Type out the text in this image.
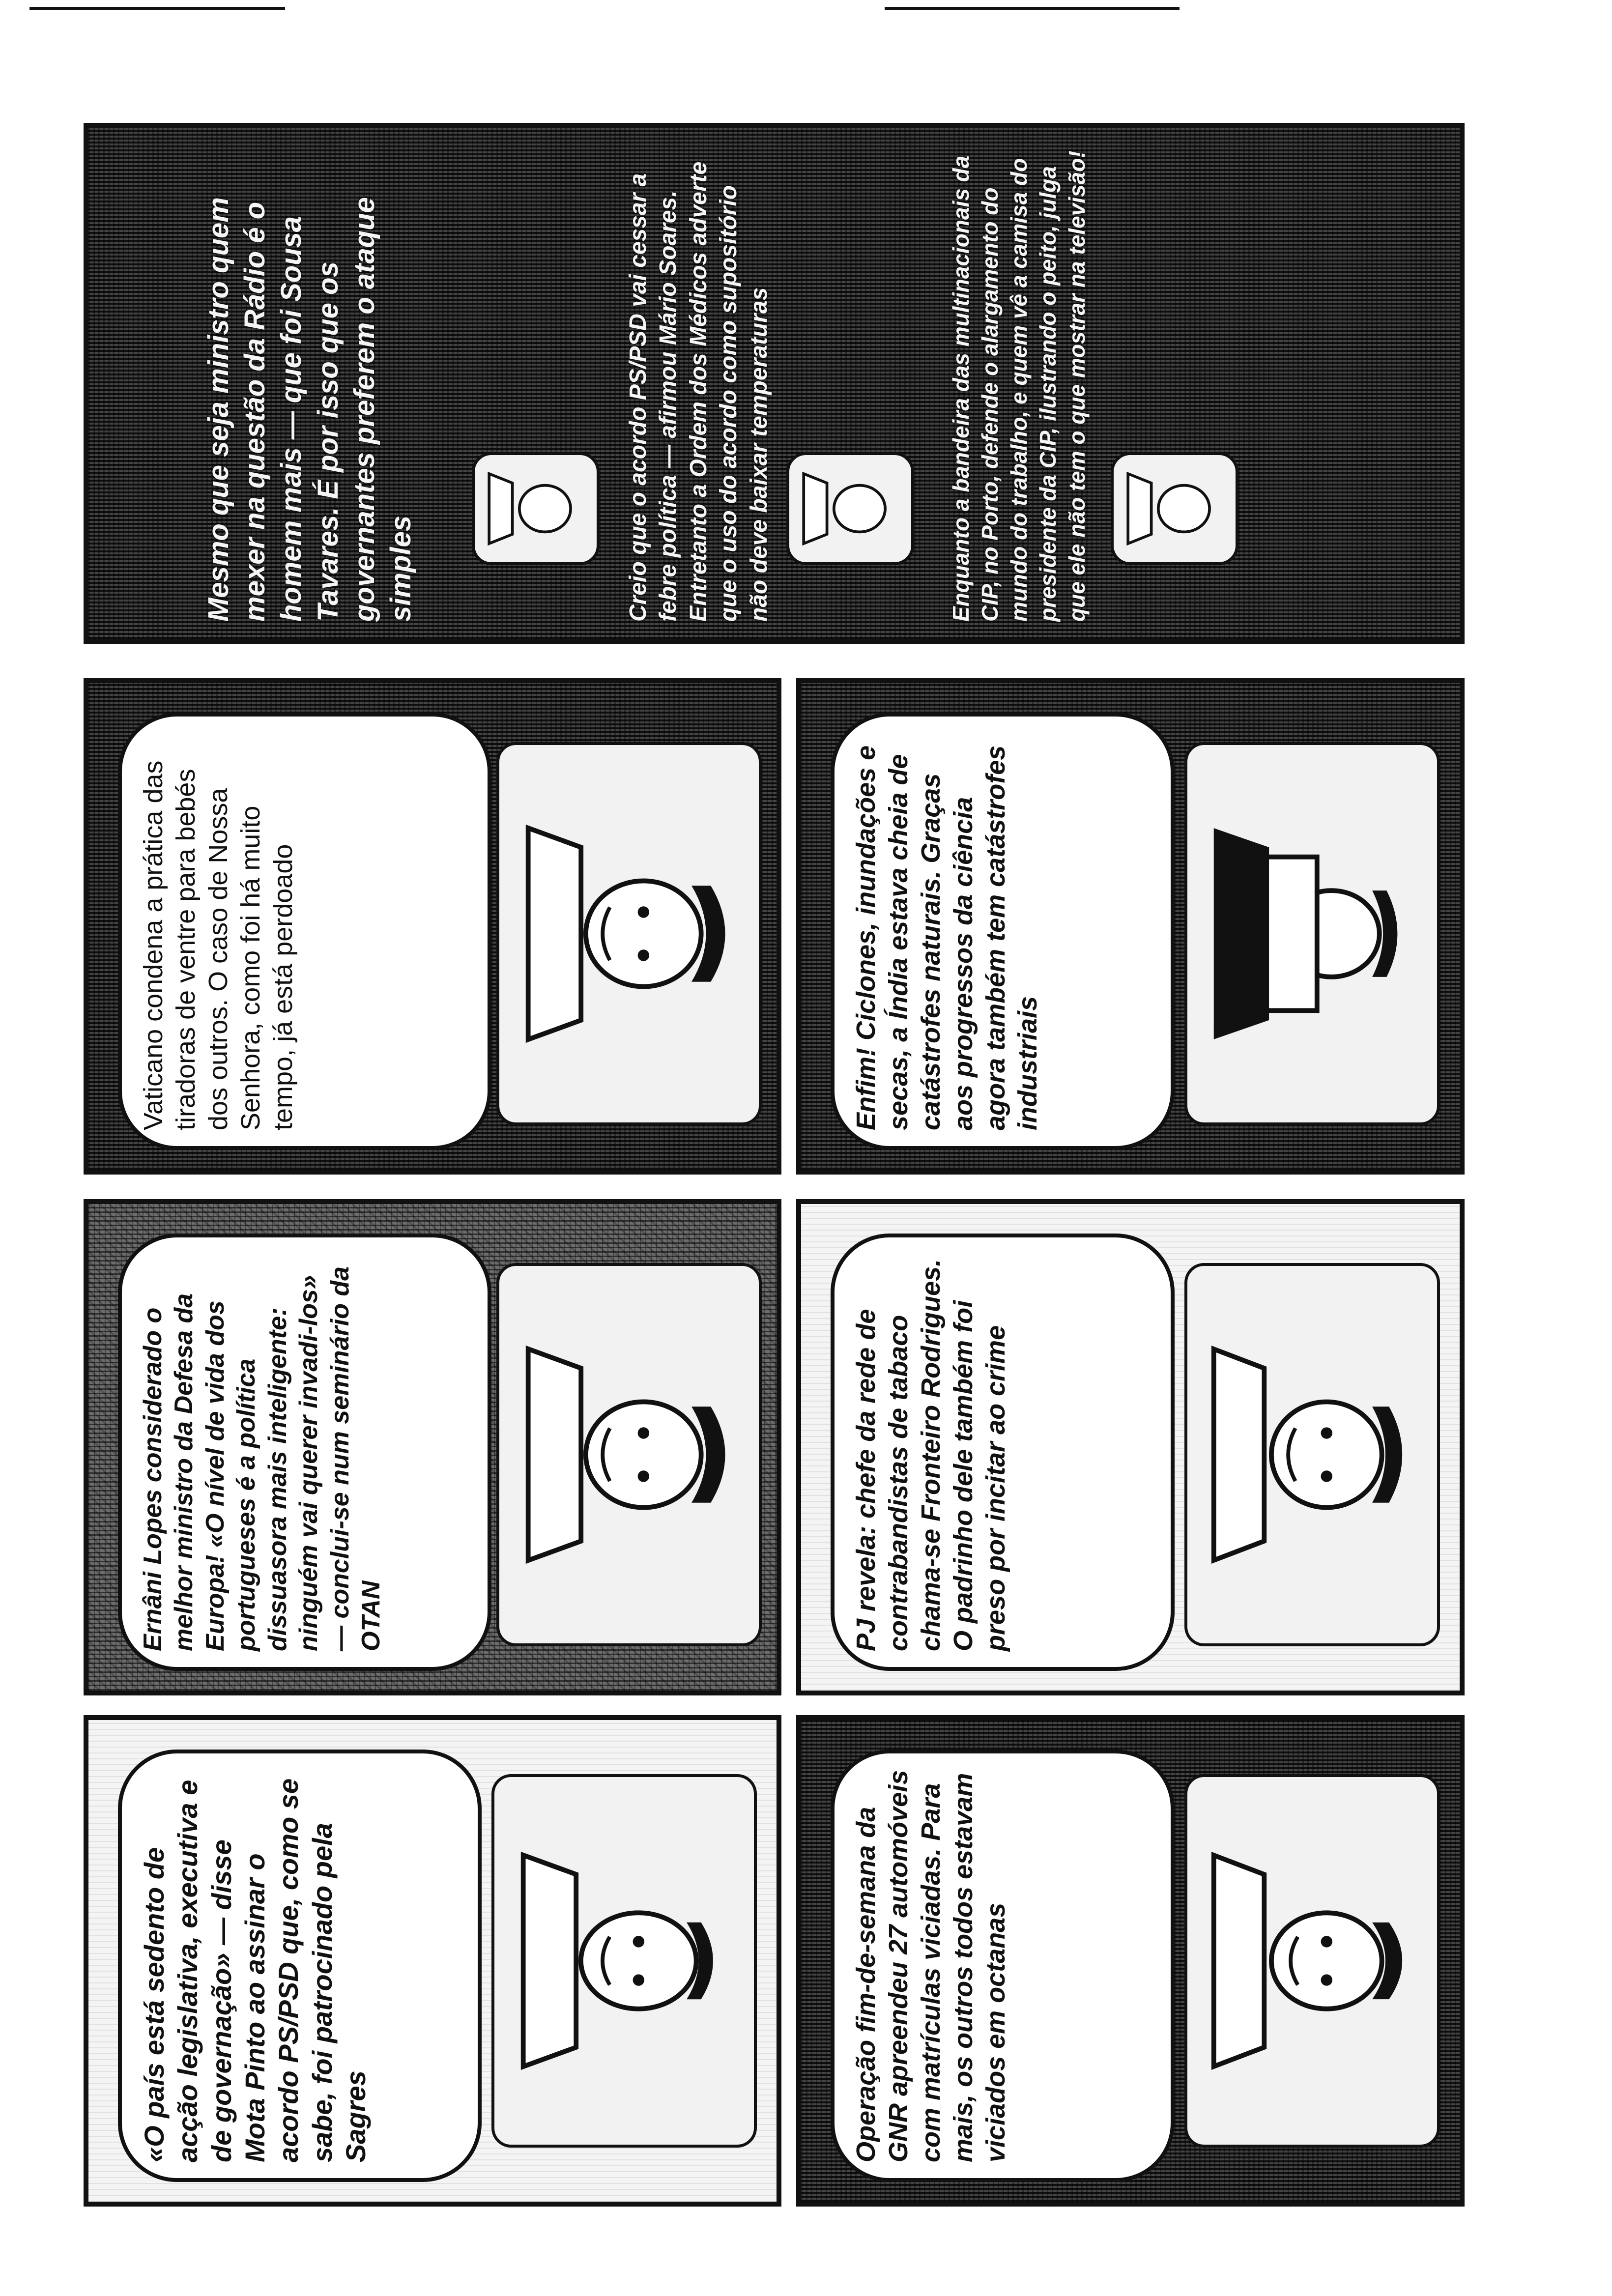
«O país está sedento de acção legislativa, executiva e de governação» — disse Mota Pinto ao assinar o acordo PS/PSD que, como se sabe, foi patrocinado pela Sagres

Ernâni Lopes considerado o melhor ministro da Defesa da Europa! «O nível de vida dos portugueses é a política dissuasora mais inteligente: ninguém vai querer invadi-los» — conclui-se num seminário da OTAN

Vaticano condena a prática das tiradoras de ventre para bebés dos outros. O caso de Nossa Senhora, como foi há muito tempo, já está perdoado

Operação fim-de-semana da GNR apreendeu 27 automóveis com matrículas viciadas. Para mais, os outros todos estavam viciados em octanas

PJ revela: chefe da rede de contrabandistas de tabaco chama-se Fronteiro Rodrigues. O padrinho dele também foi preso por incitar ao crime

Enfim! Ciclones, inundações e secas, a Índia estava cheia de catástrofes naturais. Graças aos progressos da ciência agora também tem catástrofes industriais

Mesmo que seja ministro quem mexer na questão da Rádio é o homem mais — que foi Sousa Tavares. É por isso que os governantes preferem o ataque simples	Creio que o acordo PS/PSD vai cessar a febre política — afirmou Mário Soares. Entretanto a Ordem dos Médicos adverte que o uso do acordo como supositório não deve baixar temperaturas	Enquanto a bandeira das multinacionais da CIP, no Porto, defende o alargamento do mundo do trabalho, e quem vê a camisa do presidente da CIP, ilustrando o peito, julga que ele não tem o que mostrar na televisão!
